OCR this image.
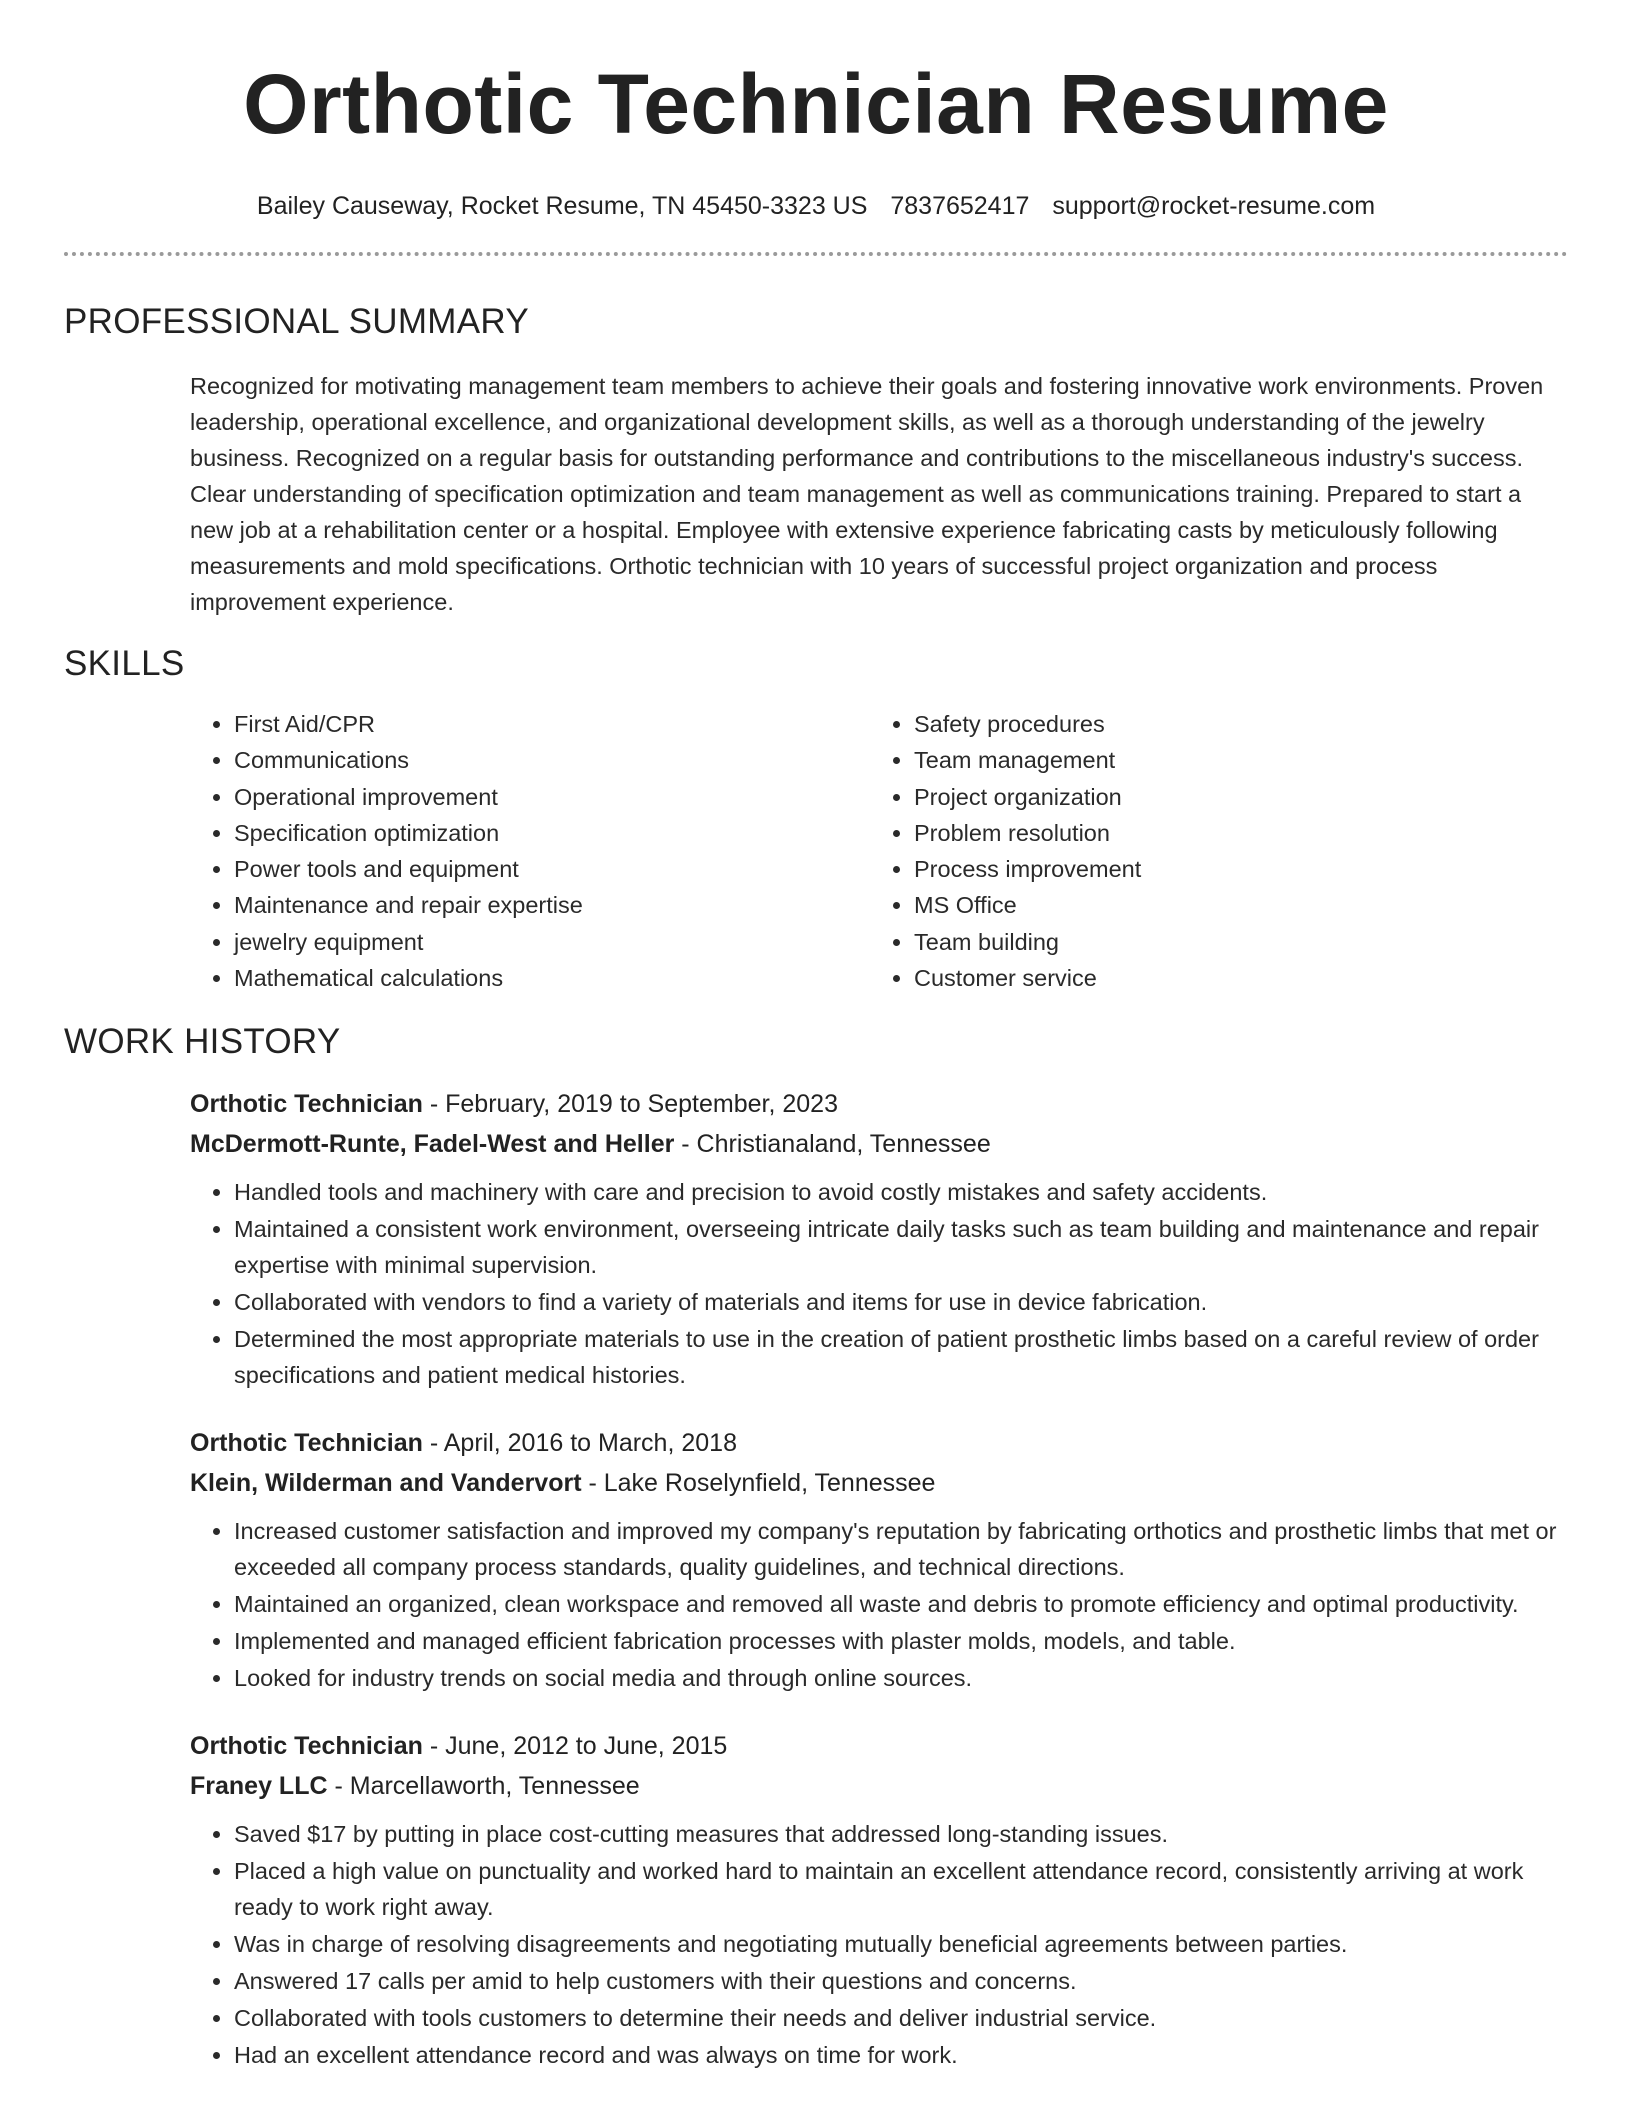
Orthotic Technician Resume
Bailey Causeway, Rocket Resume, TN 45450-3323 US 7837652417 support@rocket-resume.com
PROFESSIONAL SUMMARY
Recognized for motivating management team members to achieve their goals and fostering innovative work environments. Proven leadership, operational excellence, and organizational development skills, as well as a thorough understanding of the jewelry business. Recognized on a regular basis for outstanding performance and contributions to the miscellaneous industry's success. Clear understanding of specification optimization and team management as well as communications training. Prepared to start a new job at a rehabilitation center or a hospital. Employee with extensive experience fabricating casts by meticulously following measurements and mold specifications. Orthotic technician with 10 years of successful project organization and process improvement experience.
SKILLS
• First Aid/CPR
• Communications
• Operational improvement
• Specification optimization
• Power tools and equipment
• Maintenance and repair expertise
• jewelry equipment
• Mathematical calculations
• Safety procedures
• Team management
• Project organization
• Problem resolution
• Process improvement
• MS Office
• Team building
• Customer service
WORK HISTORY
Orthotic Technician - February, 2019 to September, 2023
McDermott-Runte, Fadel-West and Heller - Christianaland, Tennessee
• Handled tools and machinery with care and precision to avoid costly mistakes and safety accidents.
• Maintained a consistent work environment, overseeing intricate daily tasks such as team building and maintenance and repair expertise with minimal supervision.
• Collaborated with vendors to find a variety of materials and items for use in device fabrication.
• Determined the most appropriate materials to use in the creation of patient prosthetic limbs based on a careful review of order specifications and patient medical histories.
Orthotic Technician - April, 2016 to March, 2018
Klein, Wilderman and Vandervort - Lake Roselynfield, Tennessee
• Increased customer satisfaction and improved my company's reputation by fabricating orthotics and prosthetic limbs that met or exceeded all company process standards, quality guidelines, and technical directions.
• Maintained an organized, clean workspace and removed all waste and debris to promote efficiency and optimal productivity.
• Implemented and managed efficient fabrication processes with plaster molds, models, and table.
• Looked for industry trends on social media and through online sources.
Orthotic Technician - June, 2012 to June, 2015
Franey LLC - Marcellaworth, Tennessee
• Saved $17 by putting in place cost-cutting measures that addressed long-standing issues.
• Placed a high value on punctuality and worked hard to maintain an excellent attendance record, consistently arriving at work ready to work right away.
• Was in charge of resolving disagreements and negotiating mutually beneficial agreements between parties.
• Answered 17 calls per amid to help customers with their questions and concerns.
• Collaborated with tools customers to determine their needs and deliver industrial service.
• Had an excellent attendance record and was always on time for work.
